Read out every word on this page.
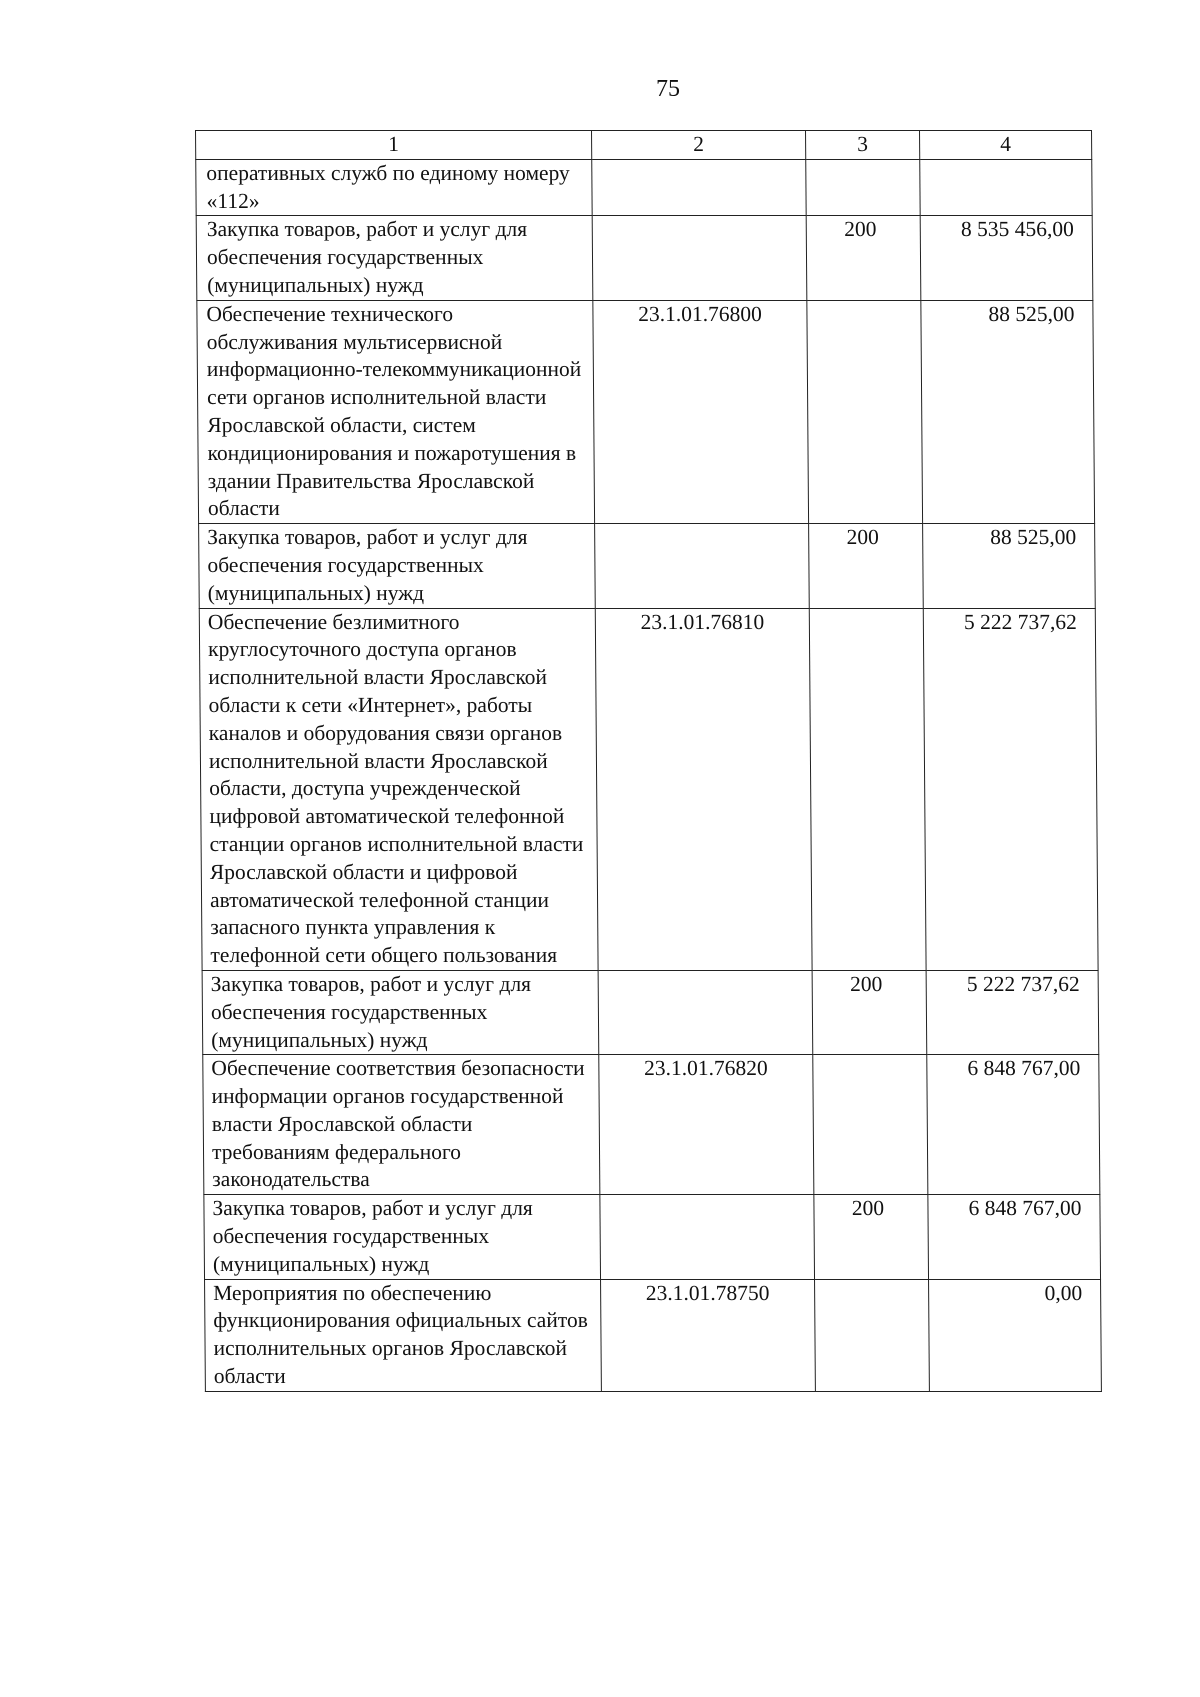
75
1	2	3	4
оперативных служб по единому номеру «112»			
Закупка товаров, работ и услуг для обеспечения государственных (муниципальных) нужд		200	8 535 456,00
Обеспечение технического обслуживания мультисервисной информационно-телекоммуникационной сети органов исполнительной власти Ярославской области, систем кондиционирования и пожаротушения в здании Правительства Ярославской области	23.1.01.76800		88 525,00
Закупка товаров, работ и услуг для обеспечения государственных (муниципальных) нужд		200	88 525,00
Обеспечение безлимитного круглосуточного доступа органов исполнительной власти Ярославской области к сети «Интернет», работы каналов и оборудования связи органов исполнительной власти Ярославской области, доступа учрежденческой цифровой автоматической телефонной станции органов исполнительной власти Ярославской области и цифровой автоматической телефонной станции запасного пункта управления к телефонной сети общего пользования	23.1.01.76810		5 222 737,62
Закупка товаров, работ и услуг для обеспечения государственных (муниципальных) нужд		200	5 222 737,62
Обеспечение соответствия безопасности информации органов государственной власти Ярославской области требованиям федерального законодательства	23.1.01.76820		6 848 767,00
Закупка товаров, работ и услуг для обеспечения государственных (муниципальных) нужд		200	6 848 767,00
Мероприятия по обеспечению функционирования официальных сайтов исполнительных органов Ярославской области	23.1.01.78750		0,00
